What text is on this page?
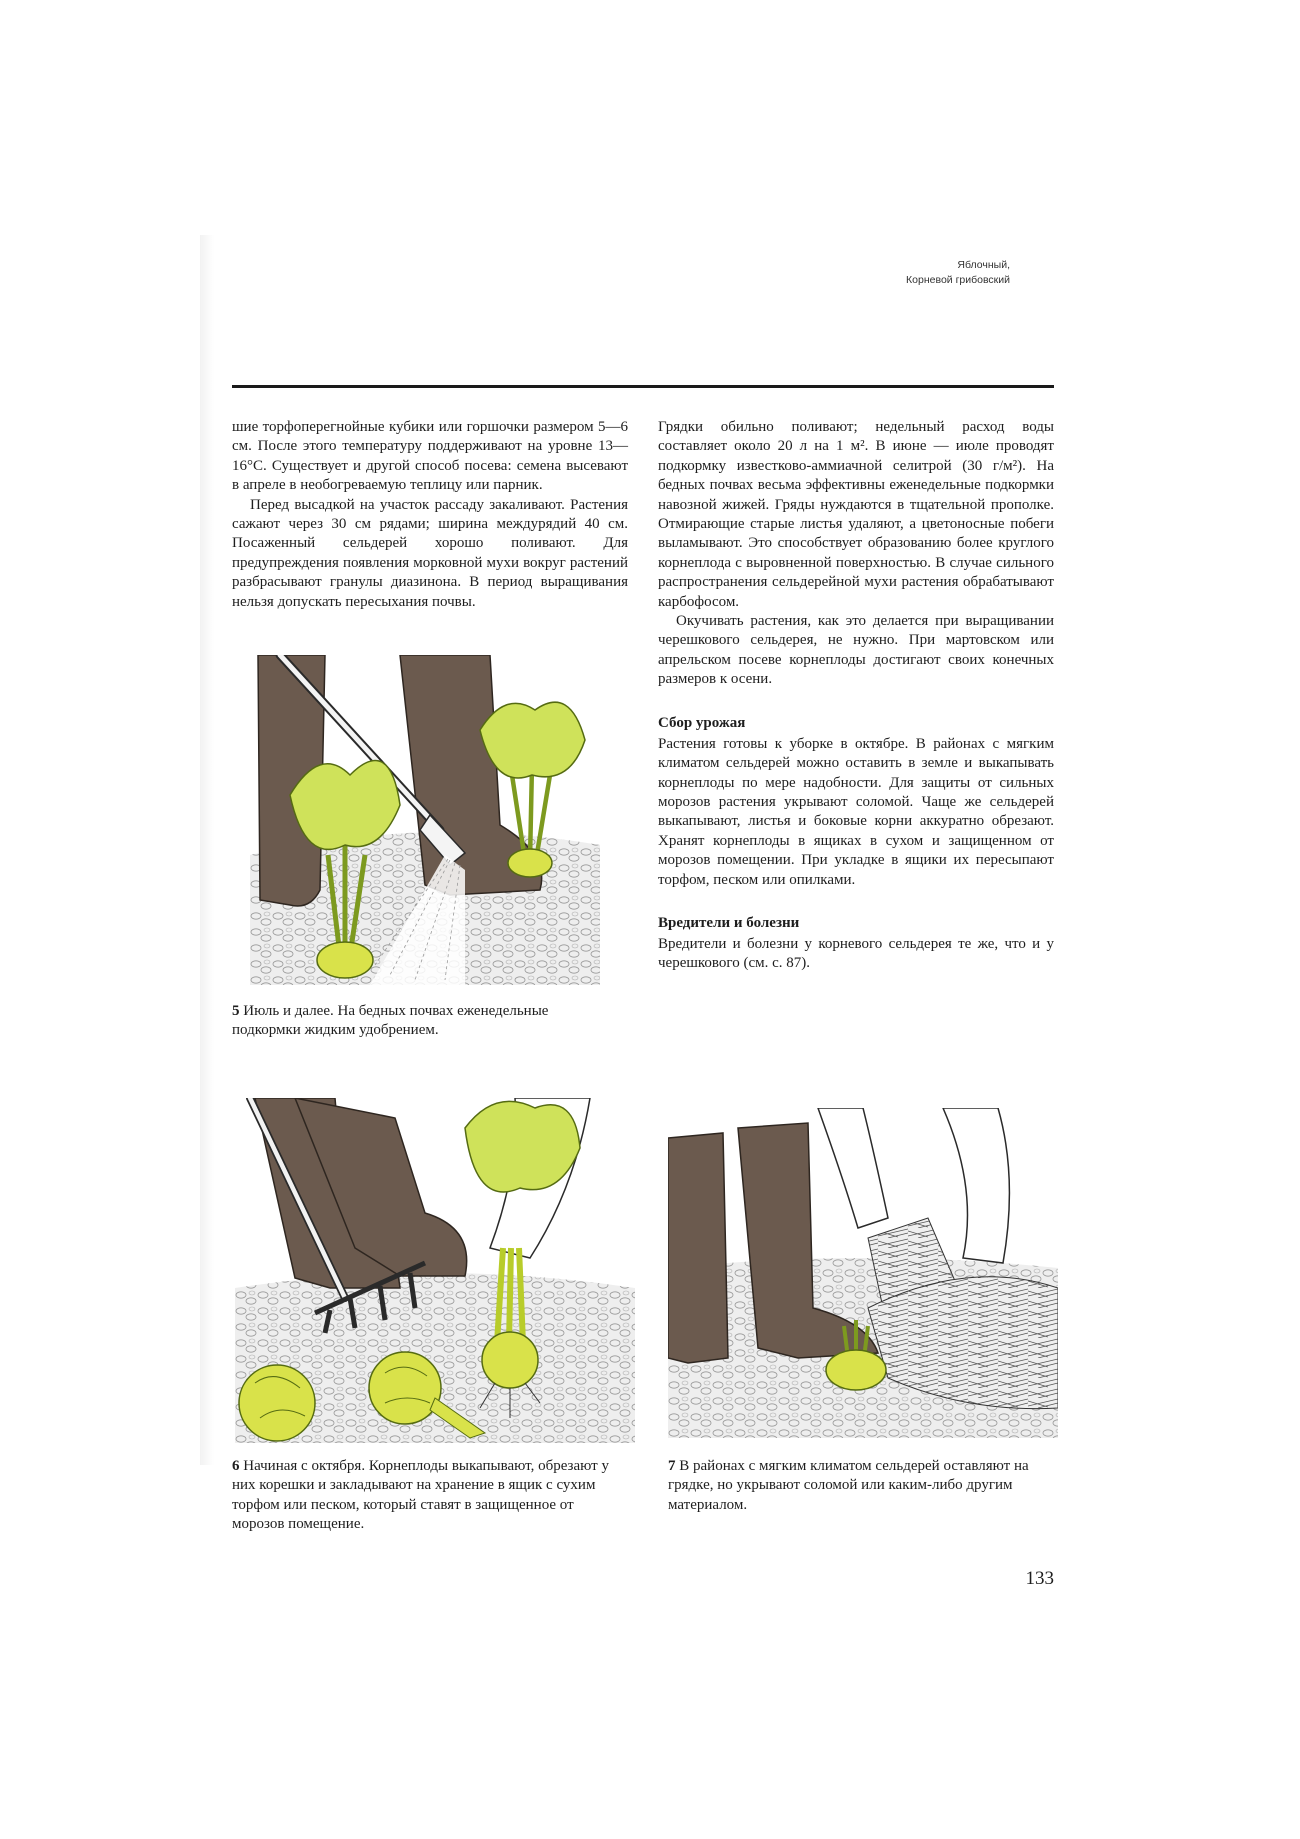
Яблочный,
Корневой грибовский

шие торфоперегнойные кубики или горшочки размером 5—6 см. После этого температуру поддерживают на уровне 13—16°С. Существует и другой способ посева: семена высевают в апреле в необогреваемую теплицу или парник.

Перед высадкой на участок рассаду закаливают. Растения сажают через 30 см рядами; ширина междурядий 40 см. Посаженный сельдерей хорошо поливают. Для предупреждения появления морковной мухи вокруг растений разбрасывают гранулы диазинона. В период выращивания нельзя допускать пересыхания почвы.

Грядки обильно поливают; недельный расход воды составляет около 20 л на 1 м². В июне — июле проводят подкормку известково-аммиачной селитрой (30 г/м²). На бедных почвах весьма эффективны еженедельные подкормки навозной жижей. Гряды нуждаются в тщательной прополке. Отмирающие старые листья удаляют, а цветоносные побеги выламывают. Это способствует образованию более круглого корнеплода с выровненной поверхностью. В случае сильного распространения сельдерейной мухи растения обрабатывают карбофосом.

Окучивать растения, как это делается при выращивании черешкового сельдерея, не нужно. При мартовском или апрельском посеве корнеплоды достигают своих конечных размеров к осени.

Сбор урожая

Растения готовы к уборке в октябре. В районах с мягким климатом сельдерей можно оставить в земле и выкапывать корнеплоды по мере надобности. Для защиты от сильных морозов растения укрывают соломой. Чаще же сельдерей выкапывают, листья и боковые корни аккуратно обрезают. Хранят корнеплоды в ящиках в сухом и защищенном от морозов помещении. При укладке в ящики их пересыпают торфом, песком или опилками.

Вредители и болезни

Вредители и болезни у корневого сельдерея те же, что и у черешкового (см. с. 87).

5 Июль и далее. На бедных почвах еженедельные подкормки жидким удобрением.
6 Начиная с октября. Корнеплоды выкапывают, обрезают у них корешки и закладывают на хранение в ящик с сухим торфом или песком, который ставят в защищенное от морозов помещение.
7 В районах с мягким климатом сельдерей оставляют на грядке, но укрывают соломой или каким-либо другим материалом.
133
